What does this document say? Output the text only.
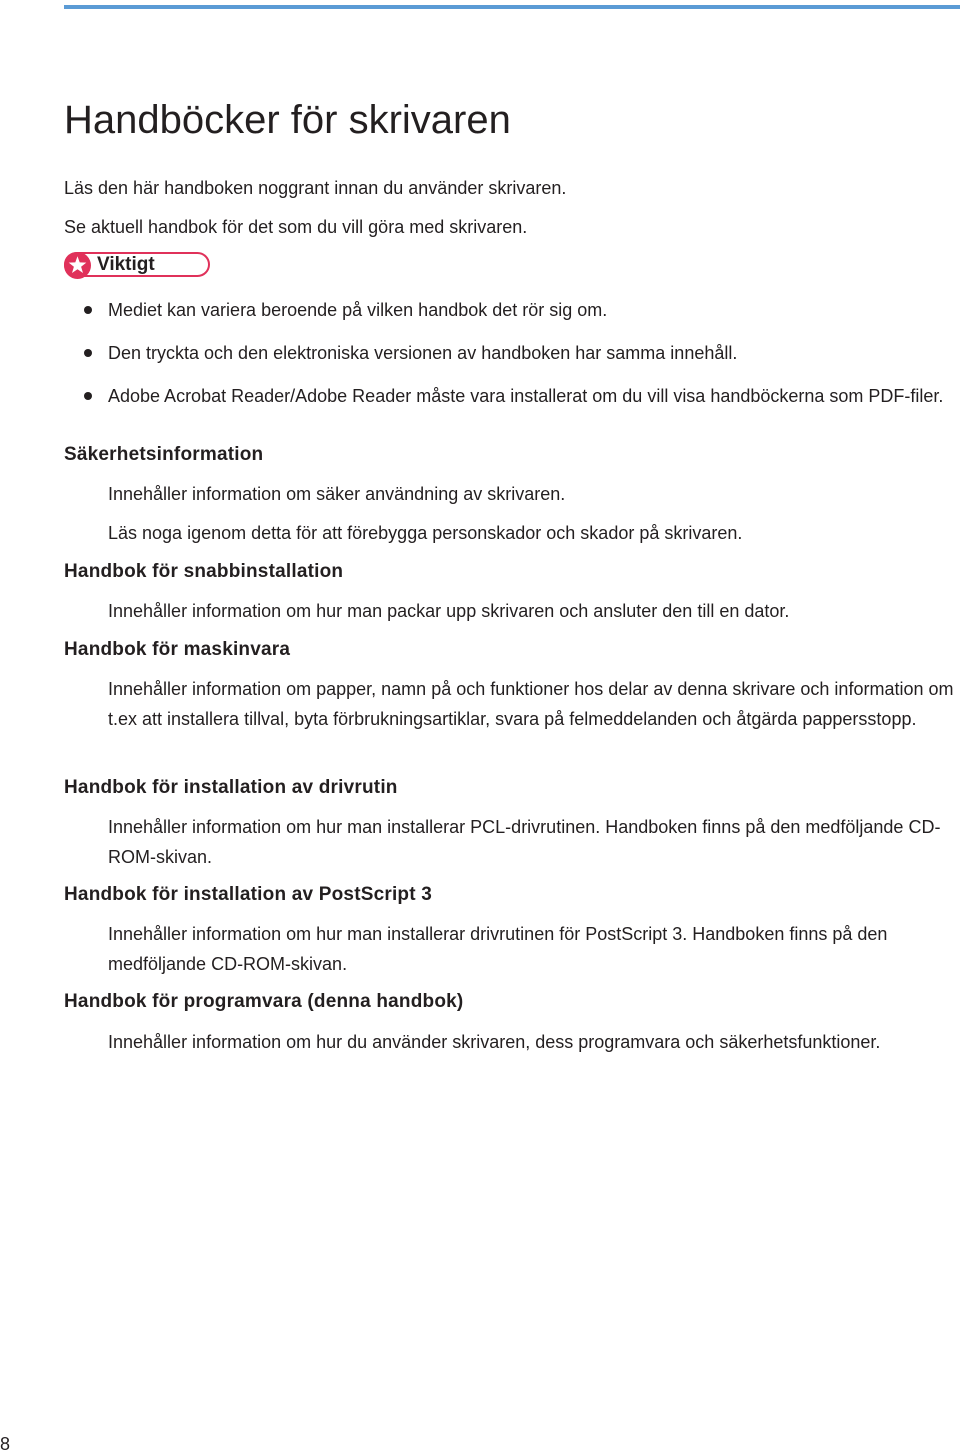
Handböcker för skrivaren

Läs den här handboken noggrant innan du använder skrivaren.

Se aktuell handbok för det som du vill göra med skrivaren.

Viktigt
Mediet kan variera beroende på vilken handbok det rör sig om.
Den tryckta och den elektroniska versionen av handboken har samma innehåll.
Adobe Acrobat Reader/Adobe Reader måste vara installerat om du vill visa handböckerna som PDF-filer.
Säkerhetsinformation

Innehåller information om säker användning av skrivaren.

Läs noga igenom detta för att förebygga personskador och skador på skrivaren.

Handbok för snabbinstallation

Innehåller information om hur man packar upp skrivaren och ansluter den till en dator.

Handbok för maskinvara

Innehåller information om papper, namn på och funktioner hos delar av denna skrivare och information om t.ex att installera tillval, byta förbrukningsartiklar, svara på felmeddelanden och åtgärda pappersstopp.

Handbok för installation av drivrutin

Innehåller information om hur man installerar PCL-drivrutinen. Handboken finns på den medföljande CD-ROM-skivan.

Handbok för installation av PostScript 3

Innehåller information om hur man installerar drivrutinen för PostScript 3. Handboken finns på den medföljande CD-ROM-skivan.

Handbok för programvara (denna handbok)

Innehåller information om hur du använder skrivaren, dess programvara och säkerhetsfunktioner.

8
